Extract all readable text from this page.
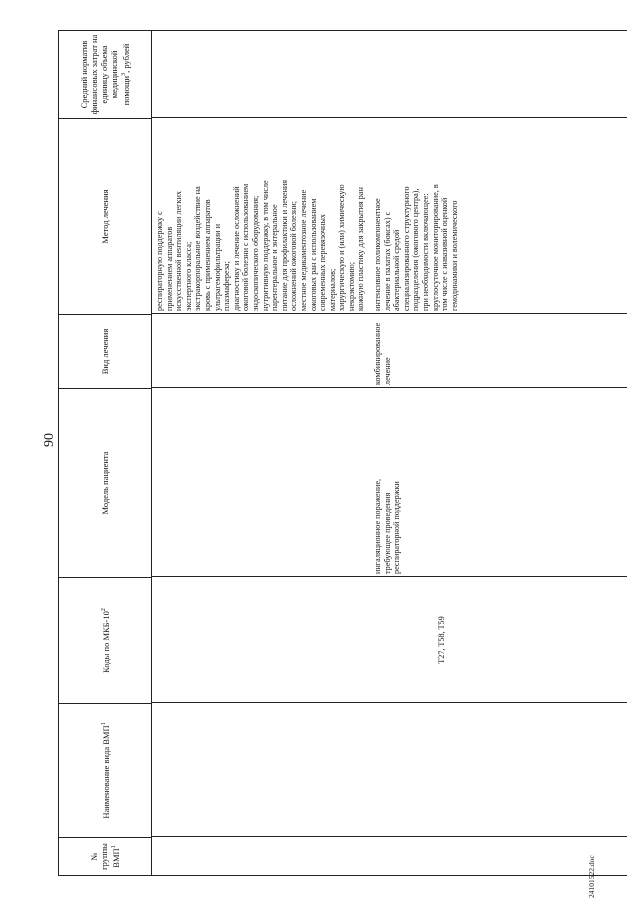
90
24101522.doc
№ группы ВМП$^1$
Наименование вида ВМП$^1$
Коды по МКБ-$10^2$
Модель пациента
Вид лечения
Метод лечения
Средний норматив финансовых затрат на единицу объема медицинской помощи$^3$, рублей
респираторную поддержку с
применением аппаратов
искусственной вентиляции легких
экспертного класса;
экстракорпоральное воздействие на
кровь с применением аппаратов
ультрагемофильтрации и
плазмафереза;
диагностику и лечение осложнений
ожоговой болезни с использованием
эндоскопического оборудования;
нутритивную поддержку, в том числе
парентеральное и энтеральное
питание для профилактики и лечения
осложнений ожоговой болезни;
местное медикаментозное лечение
ожоговых ран с использованием
современных перевязочных
материалов;
хирургическую и (или) химическую
некрэктомию;
кожную пластику для закрытия ран
T27, T58, T59
ингаляционное поражение,
требующее проведения
респираторной поддержки
комбинированное
лечение
интенсивное поликомпонентное
лечение в палатах (боксах) с
абактериальной средой
специализированного структурного
подразделения (ожогового центра),
при необходимости включающее:
круглосуточное мониторирование, в
том числе с инвазивной оценкой
гемодинамики и волемического
